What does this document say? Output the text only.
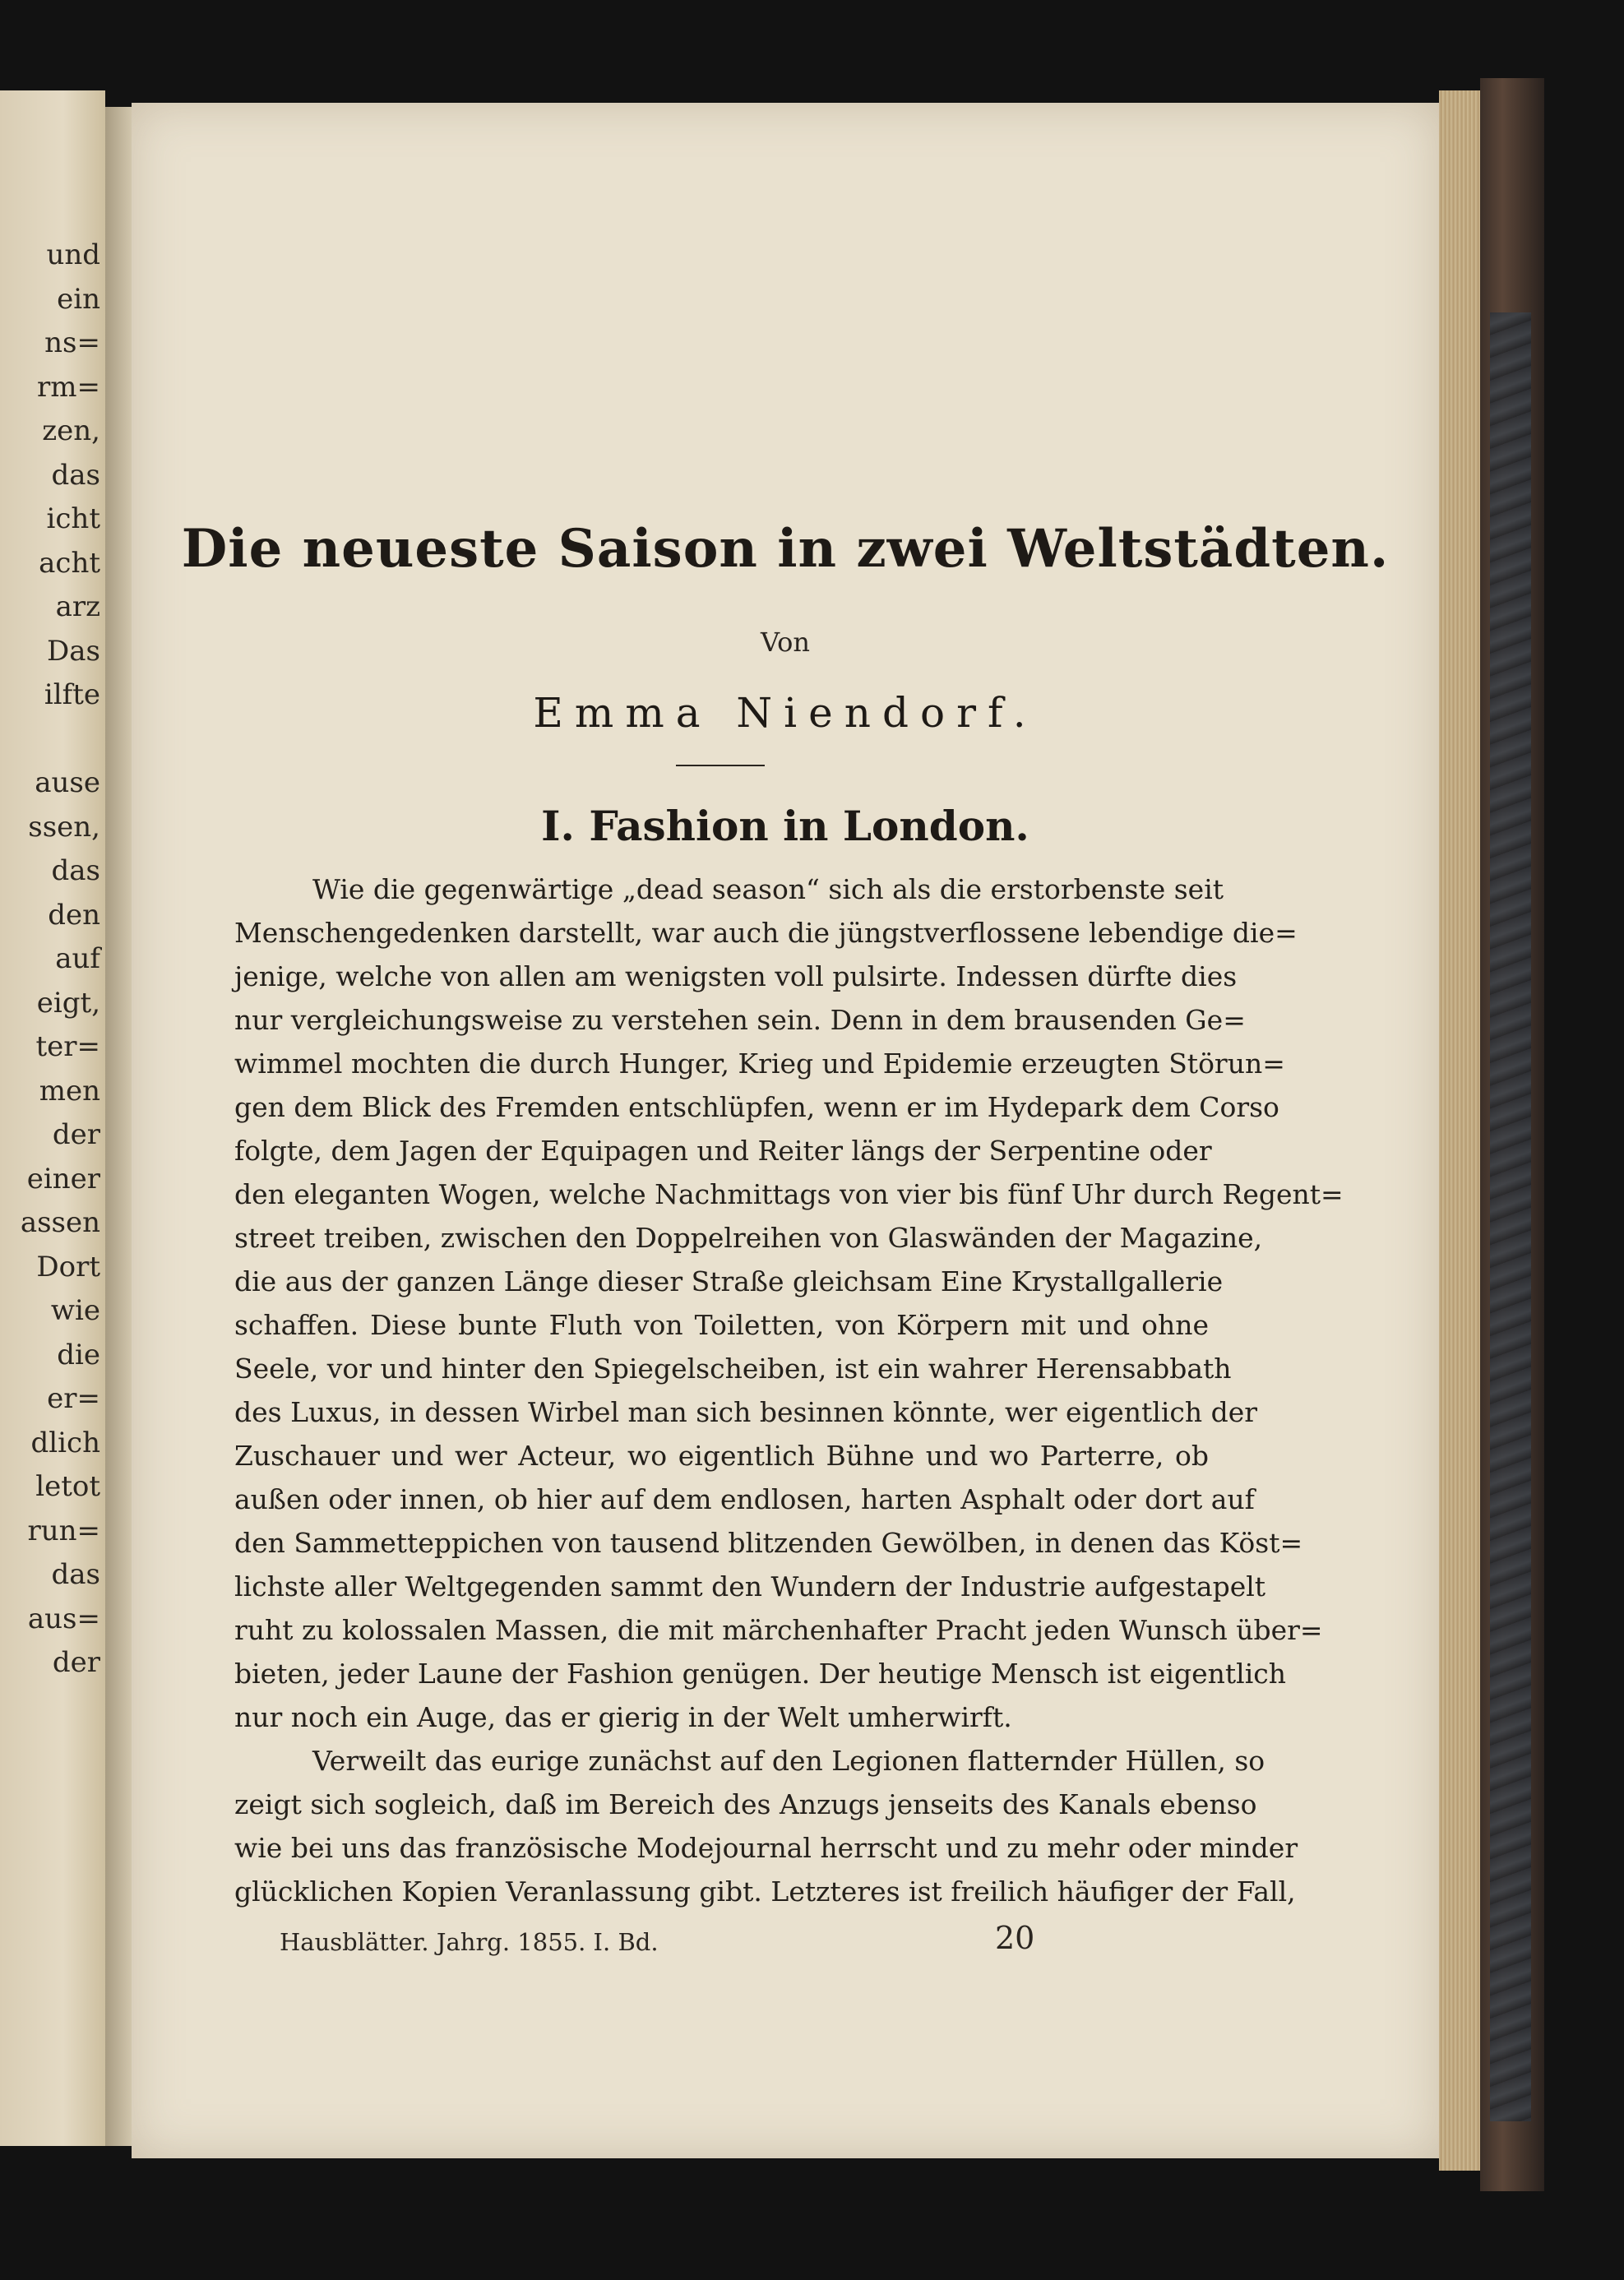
und
ein
ns=
rm=
zen,
das
icht
acht
arz
Das
ilfte
ause
ssen,
das
den
auf
eigt,
ter=
men
der
einer
assen
Dort
wie
die
er=
dlich
letot
run=
das
aus=
der
Die neueste Saison in zwei Weltstädten.
Von
Emma Niendorf.
I. Fashion in London.
Wie die gegenwärtige „dead season“ sich als die erstorbenste seit
Menschengedenken darstellt, war auch die jüngstverflossene lebendige die=
jenige, welche von allen am wenigsten voll pulsirte. Indessen dürfte dies
nur vergleichungsweise zu verstehen sein. Denn in dem brausenden Ge=
wimmel mochten die durch Hunger, Krieg und Epidemie erzeugten Störun=
gen dem Blick des Fremden entschlüpfen, wenn er im Hydepark dem Corso
folgte, dem Jagen der Equipagen und Reiter längs der Serpentine oder
den eleganten Wogen, welche Nachmittags von vier bis fünf Uhr durch Regent=
street treiben, zwischen den Doppelreihen von Glaswänden der Magazine,
die aus der ganzen Länge dieser Straße gleichsam Eine Krystallgallerie
schaffen. Diese bunte Fluth von Toiletten, von Körpern mit und ohne
Seele, vor und hinter den Spiegelscheiben, ist ein wahrer Herensabbath
des Luxus, in dessen Wirbel man sich besinnen könnte, wer eigentlich der
Zuschauer und wer Acteur, wo eigentlich Bühne und wo Parterre, ob
außen oder innen, ob hier auf dem endlosen, harten Asphalt oder dort auf
den Sammetteppichen von tausend blitzenden Gewölben, in denen das Köst=
lichste aller Weltgegenden sammt den Wundern der Industrie aufgestapelt
ruht zu kolossalen Massen, die mit märchenhafter Pracht jeden Wunsch über=
bieten, jeder Laune der Fashion genügen. Der heutige Mensch ist eigentlich
nur noch ein Auge, das er gierig in der Welt umherwirft.
Verweilt das eurige zunächst auf den Legionen flatternder Hüllen, so
zeigt sich sogleich, daß im Bereich des Anzugs jenseits des Kanals ebenso
wie bei uns das französische Modejournal herrscht und zu mehr oder minder
glücklichen Kopien Veranlassung gibt. Letzteres ist freilich häufiger der Fall,
Hausblätter. Jahrg. 1855. I. Bd.	20
